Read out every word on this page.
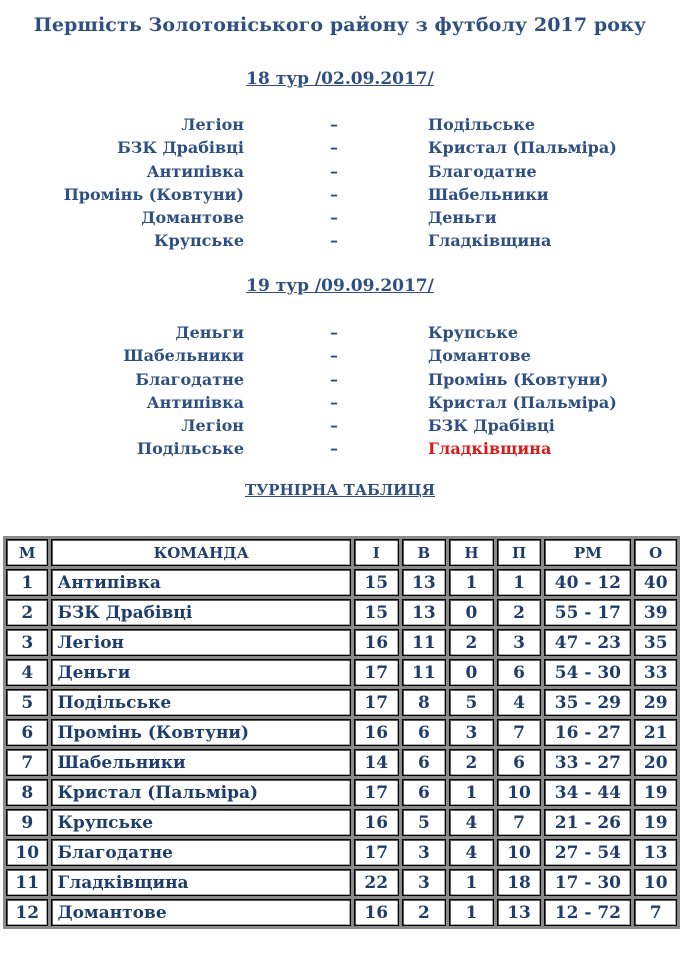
Першість Золотоніського району з футболу 2017 року
18 тур /02.09.2017/
Легіон	–	Подільське
БЗК Драбівці	–	Кристал (Пальміра)
Антипівка	–	Благодатне
Промінь (Ковтуни)	–	Шабельники
Домантове	–	Деньги
Крупське	–	Гладківщина
19 тур /09.09.2017/
Деньги	–	Крупське
Шабельники	–	Домантове
Благодатне	–	Промінь (Ковтуни)
Антипівка	–	Кристал (Пальміра)
Легіон	–	БЗК Драбівці
Подільське	–	Гладківщина
ТУРНІРНА ТАБЛИЦЯ
М	КОМАНДА	І	В	Н	П	РМ	О
1	Антипівка	15	13	1	1	40 - 12	40
2	БЗК Драбівці	15	13	0	2	55 - 17	39
3	Легіон	16	11	2	3	47 - 23	35
4	Деньги	17	11	0	6	54 - 30	33
5	Подільське	17	8	5	4	35 - 29	29
6	Промінь (Ковтуни)	16	6	3	7	16 - 27	21
7	Шабельники	14	6	2	6	33 - 27	20
8	Кристал (Пальміра)	17	6	1	10	34 - 44	19
9	Крупське	16	5	4	7	21 - 26	19
10	Благодатне	17	3	4	10	27 - 54	13
11	Гладківщина	22	3	1	18	17 - 30	10
12	Домантове	16	2	1	13	12 - 72	7
